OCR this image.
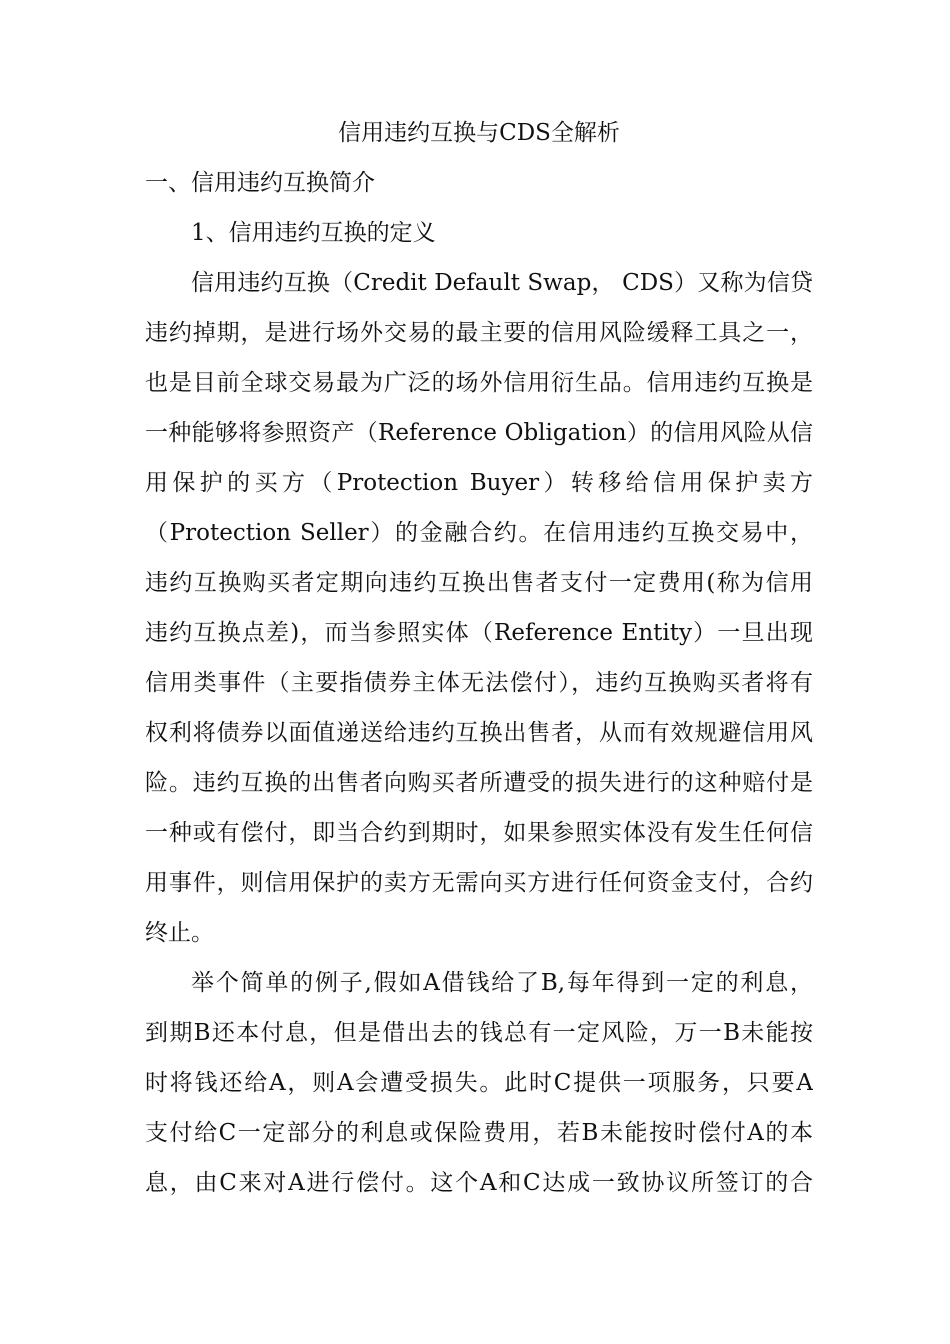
信用违约互换与CDS全解析
一、信用违约互换简介
1、信用违约互换的定义

信用违约互换（Credit Default Swap， CDS）又称为信贷
违约掉期，是进行场外交易的最主要的信用风险缓释工具之一，
也是目前全球交易最为广泛的场外信用衍生品。信用违约互换是
一种能够将参照资产（Reference Obligation）的信用风险从信
用保护的买方（Protection Buyer）转移给信用保护卖方
（Protection Seller）的金融合约。在信用违约互换交易中，
违约互换购买者定期向违约互换出售者支付一定费用(称为信用
违约互换点差)，而当参照实体（Reference Entity）一旦出现
信用类事件（主要指债券主体无法偿付），违约互换购买者将有
权利将债券以面值递送给违约互换出售者，从而有效规避信用风
险。违约互换的出售者向购买者所遭受的损失进行的这种赔付是
一种或有偿付，即当合约到期时，如果参照实体没有发生任何信
用事件，则信用保护的卖方无需向买方进行任何资金支付，合约
终止。

举个简单的例子,假如A借钱给了B,每年得到一定的利息，
到期B还本付息，但是借出去的钱总有一定风险，万一B未能按
时将钱还给A，则A会遭受损失。此时C提供一项服务，只要A
支付给C一定部分的利息或保险费用，若B未能按时偿付A的本
息，由C来对A进行偿付。这个A和C达成一致协议所签订的合
